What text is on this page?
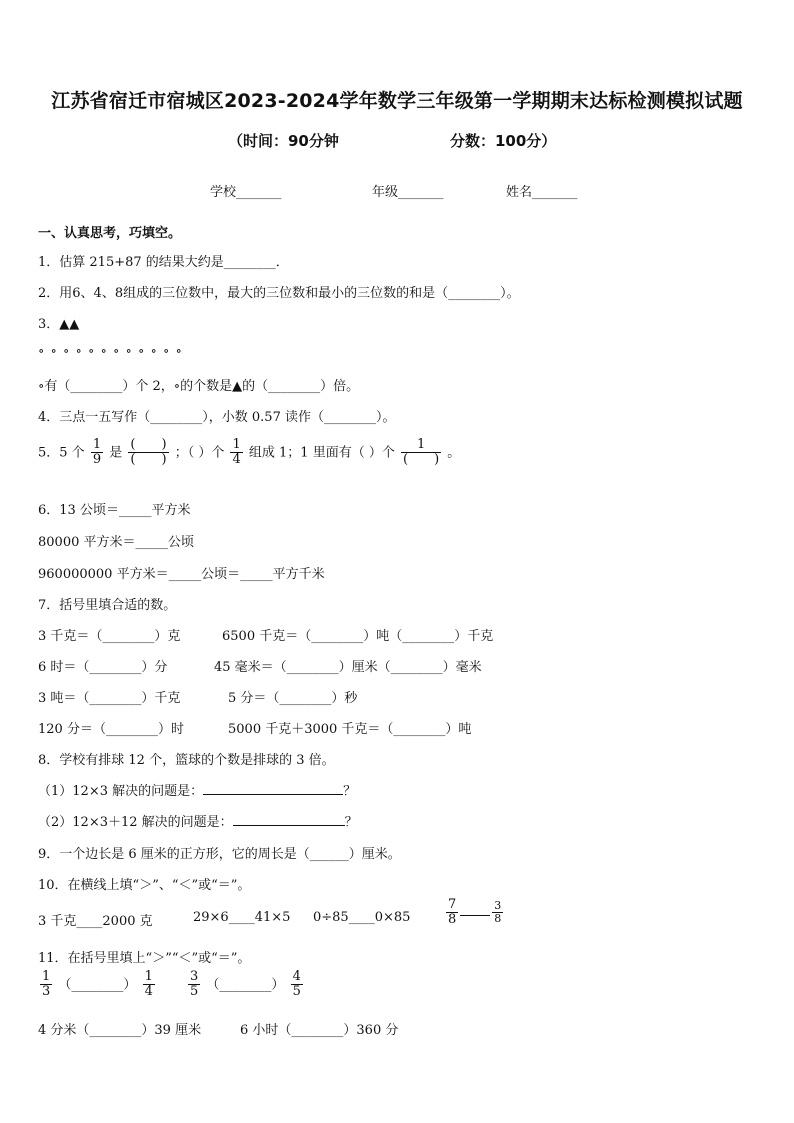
江苏省宿迁市宿城区2023-2024学年数学三年级第一学期期末达标检测模拟试题
（时间：90分钟	分数：100分）
学校_______	年级_______	姓名_______
一、认真思考，巧填空。
1．估算 215+87 的结果大约是________．
2．用6、4、8组成的三位数中，最大的三位数和最小的三位数的和是（________）。
3．▲▲
∘ ∘ ∘ ∘ ∘ ∘ ∘ ∘ ∘ ∘ ∘ ∘
∘有（________）个 2，∘的个数是▲的（________）倍。
4．三点一五写作（________），小数 0.57 读作（________）。
5．5 个 $\frac{1}{9}$ 是
(　　)
(　　) ；（ ）个 $\frac{1}{4}$ 组成 1；1 里面有（ ）个
1
(　　) 。
6．13 公顷＝_____平方米
80000 平方米＝_____公顷
960000000 平方米＝_____公顷＝_____平方千米
7．括号里填合适的数。
3 千克＝（________）克	6500 千克＝（________）吨（________）千克
6 时＝（________）分	45 毫米＝（________）厘米（________）毫米
3 吨＝（________）千克	5 分＝（________）秒
120 分＝（________）时	5000 千克＋3000 千克＝（________）吨
8．学校有排球 12 个，篮球的个数是排球的 3 倍。
（1）12×3 解决的问题是：	？
（2）12×3＋12 解决的问题是：	？
9．一个边长是 6 厘米的正方形，它的周长是（______）厘米。
10．在横线上填“＞”、“＜”或“＝”。
3 千克____2000 克	29×6____41×5 0÷85____0×85	$\frac{7}{8}$	$\frac{3}{8}$
11．在括号里填上“＞”“＜”或“＝”。
$\frac{1}{3}$ （________） $\frac{1}{4}$	$\frac{3}{5}$ （________） $\frac{4}{5}$
4 分米（________）39 厘米	6 小时（________）360 分
